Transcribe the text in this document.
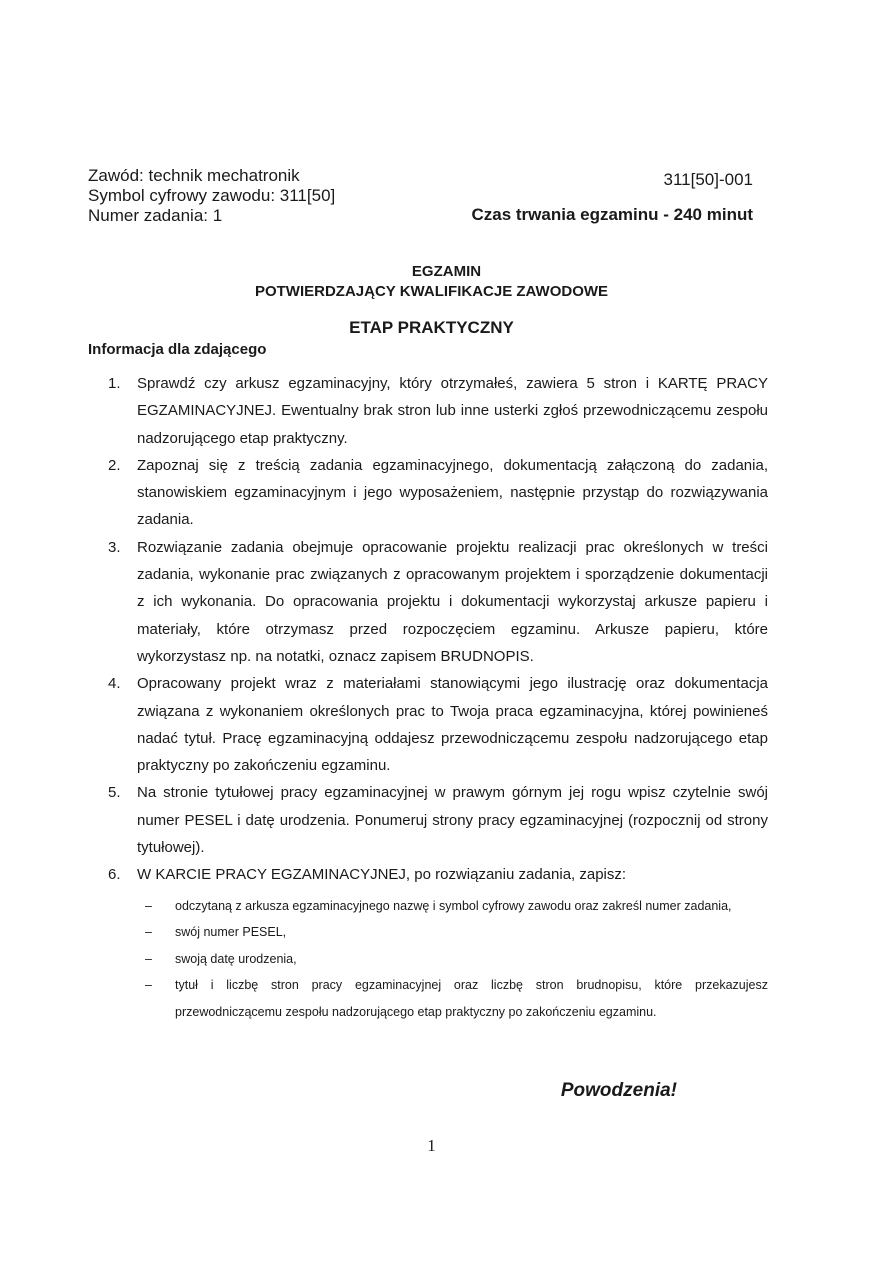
Zawód: technik mechatronik
Symbol cyfrowy zawodu: 311[50]
Numer zadania: 1
311[50]-001
Czas trwania egzaminu - 240 minut
EGZAMIN
POTWIERDZAJĄCY KWALIFIKACJE ZAWODOWE
ETAP PRAKTYCZNY
Informacja dla zdającego
1. Sprawdź czy arkusz egzaminacyjny, który otrzymałeś, zawiera 5 stron i KARTĘ PRACY EGZAMINACYJNEJ. Ewentualny brak stron lub inne usterki zgłoś przewodniczącemu zespołu nadzorującego etap praktyczny.
2. Zapoznaj się z treścią zadania egzaminacyjnego, dokumentacją załączoną do zadania, stanowiskiem egzaminacyjnym i jego wyposażeniem, następnie przystąp do rozwiązywania zadania.
3. Rozwiązanie zadania obejmuje opracowanie projektu realizacji prac określonych w treści zadania, wykonanie prac związanych z opracowanym projektem i sporządzenie dokumentacji z ich wykonania. Do opracowania projektu i dokumentacji wykorzystaj arkusze papieru i materiały, które otrzymasz przed rozpoczęciem egzaminu. Arkusze papieru, które wykorzystasz np. na notatki, oznacz zapisem BRUDNOPIS.
4. Opracowany projekt wraz z materiałami stanowiącymi jego ilustrację oraz dokumentacja związana z wykonaniem określonych prac to Twoja praca egzaminacyjna, której powinieneś nadać tytuł. Pracę egzaminacyjną oddajesz przewodniczącemu zespołu nadzorującego etap praktyczny po zakończeniu egzaminu.
5. Na stronie tytułowej pracy egzaminacyjnej w prawym górnym jej rogu wpisz czytelnie swój numer PESEL i datę urodzenia. Ponumeruj strony pracy egzaminacyjnej (rozpocznij od strony tytułowej).
6. W KARCIE PRACY EGZAMINACYJNEJ, po rozwiązaniu zadania, zapisz:
– odczytaną z arkusza egzaminacyjnego nazwę i symbol cyfrowy zawodu oraz zakreśl numer zadania,
– swój numer PESEL,
– swoją datę urodzenia,
– tytuł i liczbę stron pracy egzaminacyjnej oraz liczbę stron brudnopisu, które przekazujesz przewodniczącemu zespołu nadzorującego etap praktyczny po zakończeniu egzaminu.
Powodzenia!
1
